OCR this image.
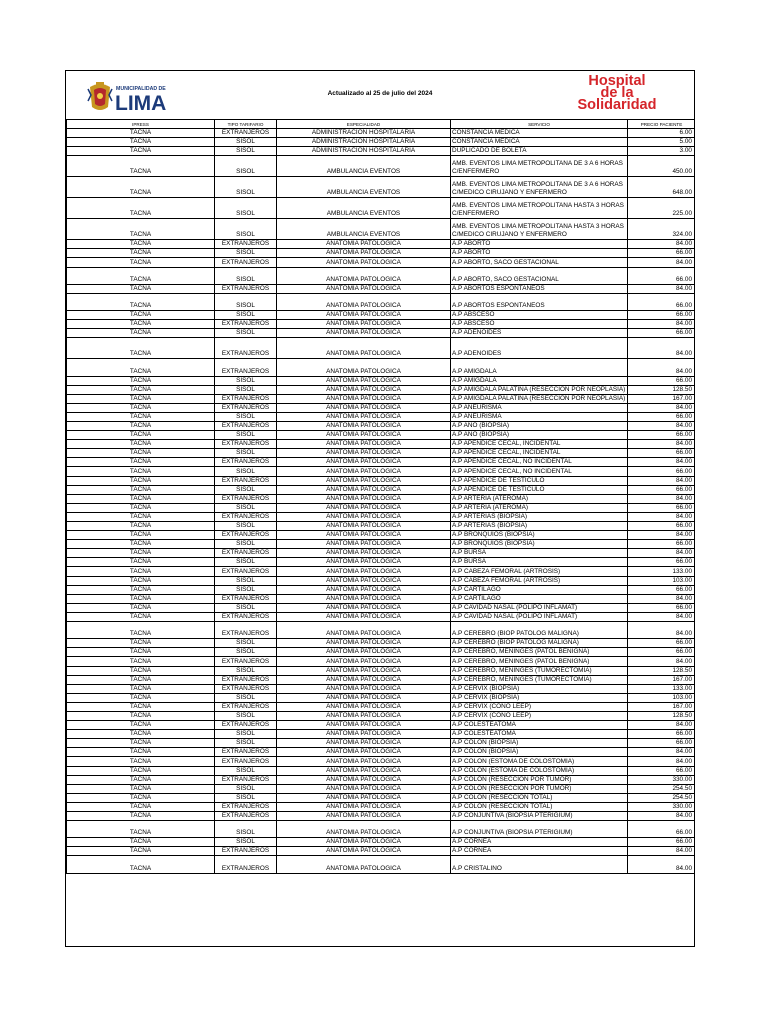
MUNICIPALIDAD DE
LIMA	Actualizado al 25 de julio del 2024
Hospital
de la
Solidaridad
IPRESS	TIPO TARIFARIO	ESPECIALIDAD	SERVICIO	PRECIO PACIENTE
TACNA	EXTRANJEROS	ADMINISTRACION HOSPITALARIA	CONSTANCIA MEDICA	6.00
TACNA	SISOL	ADMINISTRACION HOSPITALARIA	CONSTANCIA MEDICA	5.00
TACNA	SISOL	ADMINISTRACION HOSPITALARIA	DUPLICADO DE BOLETA	3.00
TACNA	SISOL	AMBULANCIA EVENTOS	AMB. EVENTOS LIMA METROPOLITANA DE 3 A 6 HORAS C/ENFERMERO	450.00
TACNA	SISOL	AMBULANCIA EVENTOS	AMB. EVENTOS LIMA METROPOLITANA DE 3 A 6 HORAS C/MEDICO CIRUJANO Y ENFERMERO	648.00
TACNA	SISOL	AMBULANCIA EVENTOS	AMB. EVENTOS LIMA METROPOLITANA HASTA 3 HORAS C/ENFERMERO	225.00
TACNA	SISOL	AMBULANCIA EVENTOS	AMB. EVENTOS LIMA METROPOLITANA HASTA 3 HORAS C/MEDICO CIRUJANO Y ENFERMERO	324.00
TACNA	EXTRANJEROS	ANATOMIA PATOLOGICA	A.P ABORTO	84.00
TACNA	SISOL	ANATOMIA PATOLOGICA	A.P ABORTO	66.00
TACNA	EXTRANJEROS	ANATOMIA PATOLOGICA	A.P ABORTO, SACO GESTACIONAL	84.00
TACNA	SISOL	ANATOMIA PATOLOGICA	A.P ABORTO, SACO GESTACIONAL	66.00
TACNA	EXTRANJEROS	ANATOMIA PATOLOGICA	A.P ABORTOS ESPONTANEOS	84.00
TACNA	SISOL	ANATOMIA PATOLOGICA	A.P ABORTOS ESPONTANEOS	66.00
TACNA	SISOL	ANATOMIA PATOLOGICA	A.P ABSCESO	66.00
TACNA	EXTRANJEROS	ANATOMIA PATOLOGICA	A.P ABSCESO	84.00
TACNA	SISOL	ANATOMIA PATOLOGICA	A.P ADENOIDES	66.00
TACNA	EXTRANJEROS	ANATOMIA PATOLOGICA	A.P ADENOIDES	84.00
TACNA	EXTRANJEROS	ANATOMIA PATOLOGICA	A.P AMIGDALA	84.00
TACNA	SISOL	ANATOMIA PATOLOGICA	A.P AMIGDALA	66.00
TACNA	SISOL	ANATOMIA PATOLOGICA	A.P AMIGDALA PALATINA (RESECCION POR NEOPLASIA)	128.50
TACNA	EXTRANJEROS	ANATOMIA PATOLOGICA	A.P AMIGDALA PALATINA (RESECCION POR NEOPLASIA)	167.00
TACNA	EXTRANJEROS	ANATOMIA PATOLOGICA	A.P ANEURISMA	84.00
TACNA	SISOL	ANATOMIA PATOLOGICA	A.P ANEURISMA	66.00
TACNA	EXTRANJEROS	ANATOMIA PATOLOGICA	A.P ANO (BIOPSIA)	84.00
TACNA	SISOL	ANATOMIA PATOLOGICA	A.P ANO (BIOPSIA)	66.00
TACNA	EXTRANJEROS	ANATOMIA PATOLOGICA	A.P APENDICE CECAL, INCIDENTAL	84.00
TACNA	SISOL	ANATOMIA PATOLOGICA	A.P APENDICE CECAL, INCIDENTAL	66.00
TACNA	EXTRANJEROS	ANATOMIA PATOLOGICA	A.P APENDICE CECAL, NO INCIDENTAL	84.00
TACNA	SISOL	ANATOMIA PATOLOGICA	A.P APENDICE CECAL, NO INCIDENTAL	66.00
TACNA	EXTRANJEROS	ANATOMIA PATOLOGICA	A.P APENDICE DE TESTICULO	84.00
TACNA	SISOL	ANATOMIA PATOLOGICA	A.P APENDICE DE TESTICULO	66.00
TACNA	EXTRANJEROS	ANATOMIA PATOLOGICA	A.P ARTERIA (ATEROMA)	84.00
TACNA	SISOL	ANATOMIA PATOLOGICA	A.P ARTERIA (ATEROMA)	66.00
TACNA	EXTRANJEROS	ANATOMIA PATOLOGICA	A.P ARTERIAS (BIOPSIA)	84.00
TACNA	SISOL	ANATOMIA PATOLOGICA	A.P ARTERIAS (BIOPSIA)	66.00
TACNA	EXTRANJEROS	ANATOMIA PATOLOGICA	A.P BRONQUIOS (BIOPSIA)	84.00
TACNA	SISOL	ANATOMIA PATOLOGICA	A.P BRONQUIOS (BIOPSIA)	66.00
TACNA	EXTRANJEROS	ANATOMIA PATOLOGICA	A.P BURSA	84.00
TACNA	SISOL	ANATOMIA PATOLOGICA	A.P BURSA	66.00
TACNA	EXTRANJEROS	ANATOMIA PATOLOGICA	A.P CABEZA FEMORAL (ARTROSIS)	133.00
TACNA	SISOL	ANATOMIA PATOLOGICA	A.P CABEZA FEMORAL (ARTROSIS)	103.00
TACNA	SISOL	ANATOMIA PATOLOGICA	A.P CARTILAGO	66.00
TACNA	EXTRANJEROS	ANATOMIA PATOLOGICA	A.P CARTILAGO	84.00
TACNA	SISOL	ANATOMIA PATOLOGICA	A.P CAVIDAD NASAL (POLIPO INFLAMAT)	66.00
TACNA	EXTRANJEROS	ANATOMIA PATOLOGICA	A.P CAVIDAD NASAL (POLIPO INFLAMAT)	84.00
TACNA	EXTRANJEROS	ANATOMIA PATOLOGICA	A.P CEREBRO (BIOP PATOLOG MALIGNA)	84.00
TACNA	SISOL	ANATOMIA PATOLOGICA	A.P CEREBRO (BIOP PATOLOG MALIGNA)	66.00
TACNA	SISOL	ANATOMIA PATOLOGICA	A.P CEREBRO, MENINGES (PATOL BENIGNA)	66.00
TACNA	EXTRANJEROS	ANATOMIA PATOLOGICA	A.P CEREBRO, MENINGES (PATOL BENIGNA)	84.00
TACNA	SISOL	ANATOMIA PATOLOGICA	A.P CEREBRO, MENINGES (TUMORECTOMIA)	128.50
TACNA	EXTRANJEROS	ANATOMIA PATOLOGICA	A.P CEREBRO, MENINGES (TUMORECTOMIA)	167.00
TACNA	EXTRANJEROS	ANATOMIA PATOLOGICA	A.P CERVIX (BIOPSIA)	133.00
TACNA	SISOL	ANATOMIA PATOLOGICA	A.P CERVIX (BIOPSIA)	103.00
TACNA	EXTRANJEROS	ANATOMIA PATOLOGICA	A.P CERVIX (CONO LEEP)	167.00
TACNA	SISOL	ANATOMIA PATOLOGICA	A.P CERVIX (CONO LEEP)	128.50
TACNA	EXTRANJEROS	ANATOMIA PATOLOGICA	A.P COLESTEATOMA	84.00
TACNA	SISOL	ANATOMIA PATOLOGICA	A.P COLESTEATOMA	66.00
TACNA	SISOL	ANATOMIA PATOLOGICA	A.P COLON (BIOPSIA)	66.00
TACNA	EXTRANJEROS	ANATOMIA PATOLOGICA	A.P COLON (BIOPSIA)	84.00
TACNA	EXTRANJEROS	ANATOMIA PATOLOGICA	A.P COLON (ESTOMA DE COLOSTOMIA)	84.00
TACNA	SISOL	ANATOMIA PATOLOGICA	A.P COLON (ESTOMA DE COLOSTOMIA)	66.00
TACNA	EXTRANJEROS	ANATOMIA PATOLOGICA	A.P COLON (RESECCION POR TUMOR)	330.00
TACNA	SISOL	ANATOMIA PATOLOGICA	A.P COLON (RESECCION POR TUMOR)	254.50
TACNA	SISOL	ANATOMIA PATOLOGICA	A.P COLON (RESECCION TOTAL)	254.50
TACNA	EXTRANJEROS	ANATOMIA PATOLOGICA	A.P COLON (RESECCION TOTAL)	330.00
TACNA	EXTRANJEROS	ANATOMIA PATOLOGICA	A.P CONJUNTIVA (BIOPSIA PTERIGIUM)	84.00
TACNA	SISOL	ANATOMIA PATOLOGICA	A.P CONJUNTIVA (BIOPSIA PTERIGIUM)	66.00
TACNA	SISOL	ANATOMIA PATOLOGICA	A.P CORNEA	66.00
TACNA	EXTRANJEROS	ANATOMIA PATOLOGICA	A.P CORNEA	84.00
TACNA	EXTRANJEROS	ANATOMIA PATOLOGICA	A.P CRISTALINO	84.00
